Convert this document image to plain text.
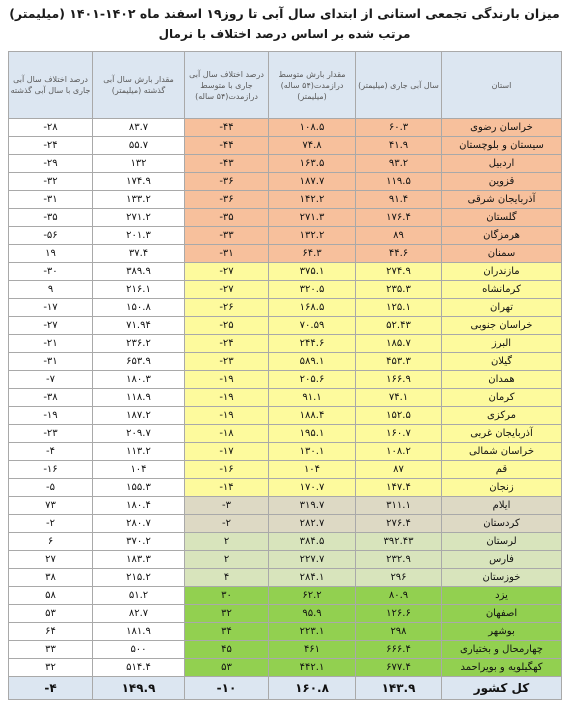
میزان بارندگی تجمعی استانی از ابتدای سال آبی تا روز۱۹ اسفند ماه ۱۴۰۲-۱۴۰۱ (میلیمتر)
مرتب شده بر اساس درصد اختلاف با نرمال
درصد اختلاف سال آبی جاری با سال آبی گذشته	مقدار بارش سال آبی گذشته (میلیمتر)	درصد اختلاف سال آبی جاری با متوسط درازمدت(۵۴ ساله)	مقدار بارش متوسط درازمدت(۵۴ ساله) (میلیمتر)	سال آبی جاری (میلیمتر)	استان
-۲۸	۸۳.۷	-۴۴	۱۰۸.۵	۶۰.۳	خراسان رضوی
-۲۴	۵۵.۷	-۴۴	۷۴.۸	۴۱.۹	سیستان و بلوچستان
-۲۹	۱۳۲	-۴۳	۱۶۳.۵	۹۳.۲	اردبیل
-۳۲	۱۷۴.۹	-۳۶	۱۸۷.۷	۱۱۹.۵	قزوین
-۳۱	۱۳۳.۲	-۳۶	۱۴۲.۲	۹۱.۴	آذربایجان شرقی
-۳۵	۲۷۱.۲	-۳۵	۲۷۱.۳	۱۷۶.۴	گلستان
-۵۶	۲۰۱.۳	-۳۳	۱۳۲.۲	۸۹	هرمزگان
۱۹	۳۷.۴	-۳۱	۶۴.۳	۴۴.۶	سمنان
-۳۰	۳۸۹.۹	-۲۷	۳۷۵.۱	۲۷۴.۹	مازندران
۹	۲۱۶.۱	-۲۷	۳۲۰.۵	۲۳۵.۳	کرمانشاه
-۱۷	۱۵۰.۸	-۲۶	۱۶۸.۵	۱۲۵.۱	تهران
-۲۷	۷۱.۹۴	-۲۵	۷۰.۵۹	۵۲.۴۳	خراسان جنوبی
-۲۱	۲۳۶.۲	-۲۴	۲۴۴.۶	۱۸۵.۷	البرز
-۳۱	۶۵۳.۹	-۲۳	۵۸۹.۱	۴۵۳.۳	گیلان
-۷	۱۸۰.۳	-۱۹	۲۰۵.۶	۱۶۶.۹	همدان
-۳۸	۱۱۸.۹	-۱۹	۹۱.۱	۷۴.۱	کرمان
-۱۹	۱۸۷.۲	-۱۹	۱۸۸.۴	۱۵۲.۵	مرکزی
-۲۳	۲۰۹.۷	-۱۸	۱۹۵.۱	۱۶۰.۷	آذربایجان غربی
-۴	۱۱۳.۲	-۱۷	۱۳۰.۱	۱۰۸.۲	خراسان شمالی
-۱۶	۱۰۴	-۱۶	۱۰۴	۸۷	قم
-۵	۱۵۵.۳	-۱۴	۱۷۰.۷	۱۴۷.۴	زنجان
۷۳	۱۸۰.۴	-۳	۳۱۹.۷	۳۱۱.۱	ایلام
-۲	۲۸۰.۷	-۲	۲۸۲.۷	۲۷۶.۴	کردستان
۶	۳۷۰.۲	۲	۳۸۴.۵	۳۹۲.۴۳	لرستان
۲۷	۱۸۳.۳	۲	۲۲۷.۷	۲۳۲.۹	فارس
۳۸	۲۱۵.۲	۴	۲۸۴.۱	۲۹۶	خوزستان
۵۸	۵۱.۲	۳۰	۶۲.۲	۸۰.۹	یزد
۵۳	۸۲.۷	۳۲	۹۵.۹	۱۲۶.۶	اصفهان
۶۴	۱۸۱.۹	۳۴	۲۲۳.۱	۲۹۸	بوشهر
۳۳	۵۰۰	۴۵	۴۶۱	۶۶۶.۴	چهارمحال و بختیاری
۳۲	۵۱۴.۴	۵۳	۴۴۲.۱	۶۷۷.۴	کهگیلویه و بویراحمد
-۴	۱۴۹.۹	-۱۰	۱۶۰.۸	۱۴۳.۹	کل کشور
